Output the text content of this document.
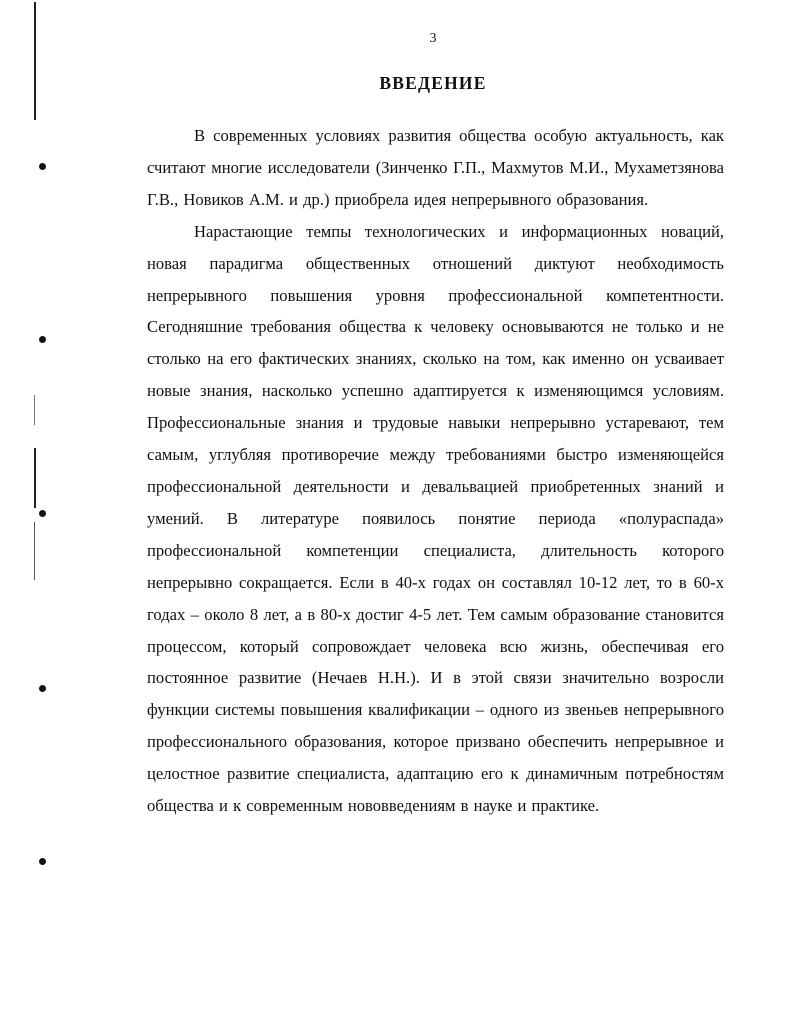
3
ВВЕДЕНИЕ

В современных условиях развития общества особую актуальность, как считают многие исследователи (Зинченко Г.П., Махмутов М.И., Мухаметзянова Г.В., Новиков А.М. и др.) приобрела идея непрерывного образования.

Нарастающие темпы технологических и информационных новаций, новая парадигма общественных отношений диктуют необходимость непрерывного повышения уровня профессиональной компетентности. Сегодняшние требования общества к человеку основываются не только и не столько на его фактических знаниях, сколько на том, как именно он усваивает новые знания, насколько успешно адаптируется к изменяющимся условиям. Профессиональные знания и трудовые навыки непрерывно устаревают, тем самым, углубляя противоречие между требованиями быстро изменяющейся профессиональной деятельности и девальвацией приобретенных знаний и умений. В литературе появилось понятие периода «полураспада» профессиональной компетенции специалиста, длительность которого непрерывно сокращается. Если в 40-х годах он составлял 10-12 лет, то в 60-х годах – около 8 лет, а в 80-х достиг 4-5 лет. Тем самым образование становится процессом, который сопровождает человека всю жизнь, обеспечивая его постоянное развитие (Нечаев Н.Н.). И в этой связи значительно возросли функции системы повышения квалификации – одного из звеньев непрерывного профессионального образования, которое призвано обеспечить непрерывное и целостное развитие специалиста, адаптацию его к динамичным потребностям общества и к современным нововведениям в науке и практике.
